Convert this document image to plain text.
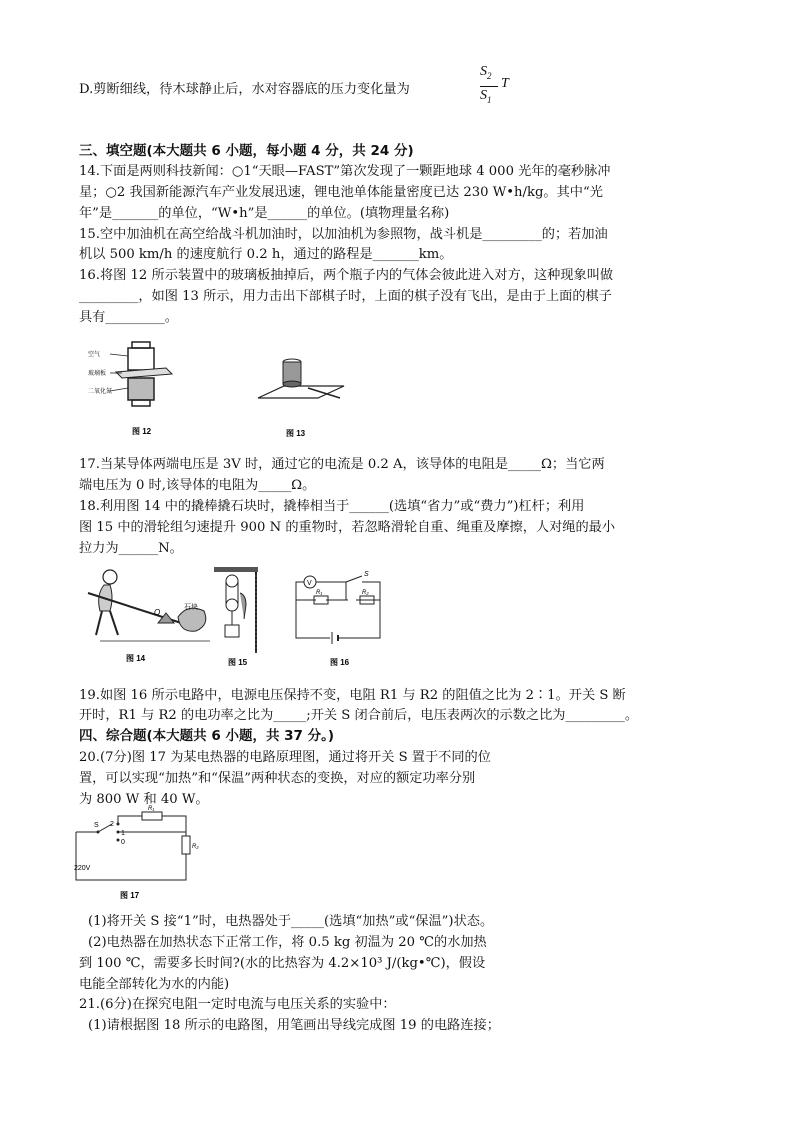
D.剪断细线，待木球静止后，水对容器底的压力变化量为
$S_2$
$S_1$
T
三、填空题(本大题共 6 小题，每小题 4 分，共 24 分)
14.下面是两则科技新闻：○1“天眼—FAST”第次发现了一颗距地球 4 000 光年的毫秒脉冲
星；○2 我国新能源汽车产业发展迅速，锂电池单体能量密度已达 230 W•h/kg。其中“光
年”是_______的单位，“W•h”是______的单位。(填物理量名称)
15.空中加油机在高空给战斗机加油时，以加油机为参照物，战斗机是_________的；若加油
机以 500 km/h 的速度航行 0.2 h，通过的路程是_______km。
16.将图 12 所示装置中的玻璃板抽掉后，两个瓶子内的气体会彼此进入对方，这种现象叫做
_________，如图 13 所示，用力击出下部棋子时，上面的棋子没有飞出，是由于上面的棋子
具有_________。
空气
玻璃板
二氧化氮
图 12	图 13
17.当某导体两端电压是 3V 时，通过它的电流是 0.2 A，该导体的电阻是_____Ω；当它两
端电压为 0 时,该导体的电阻为_____Ω。
18.利用图 14 中的撬棒撬石块时，撬棒相当于______(选填“省力”或“费力”)杠杆；利用
图 15 中的滑轮组匀速提升 900 N 的重物时，若忽略滑轮自重、绳重及摩擦，人对绳的最小
拉力为______N。
O
石块
图 14	图 15
V
S
R₁	R₂
图 16
19.如图 16 所示电路中，电源电压保持不变，电阻 R1 与 R2 的阻值之比为 2∶1。开关 S 断
开时，R1 与 R2 的电功率之比为_____;开关 S 闭合前后，电压表两次的示数之比为_________。
四、综合题(本大题共 6 小题，共 37 分。)
20.(7分)图 17 为某电热器的电路原理图，通过将开关 S 置于不同的位
置，可以实现“加热”和“保温”两种状态的变换，对应的额定功率分别
为 800 W 和 40 W。
R₁
R₂
2
1
0
S
220V
图 17
(1)将开关 S 接“1”时，电热器处于_____(选填“加热”或“保温”)状态。
(2)电热器在加热状态下正常工作，将 0.5 kg 初温为 20 ℃的水加热
到 100 ℃，需要多长时间?(水的比热容为 4.2×10³ J/(kg•℃)，假设
电能全部转化为水的内能)
21.(6分)在探究电阻一定时电流与电压关系的实验中：
(1)请根据图 18 所示的电路图，用笔画出导线完成图 19 的电路连接；
